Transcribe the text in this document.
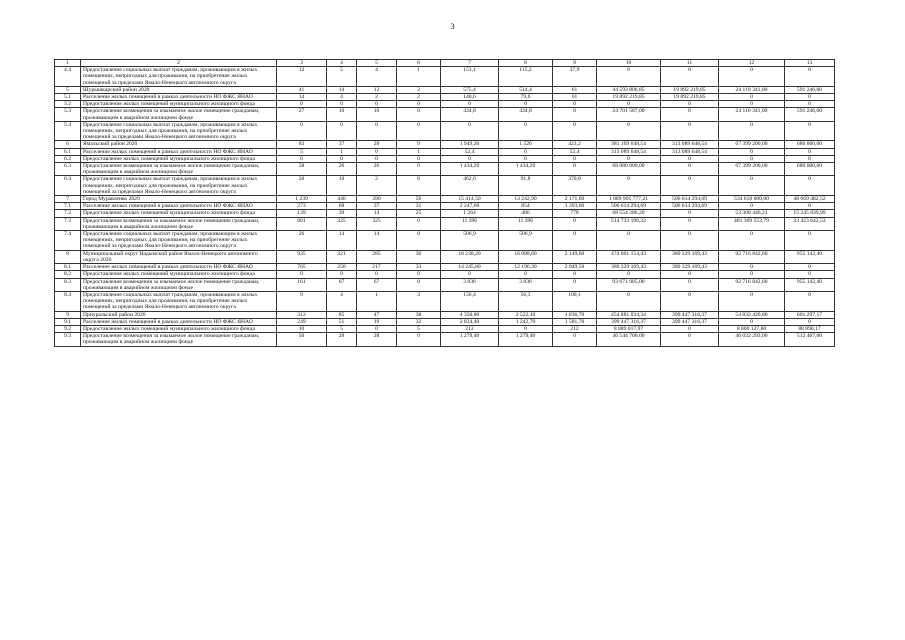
3
1	2	3	4	5	6	7	8	9	10	11	12	13
4.4	Предоставление социальных выплат гражданам, проживающим в жилых помещениях, непригодных для проживания, на приобретение жилых помещений за пределами Ямало-Ненецкого автономного округа	12	5	4	1	153,1	115,2	37,9	0	0	0	0
5	Шурышкарский район 2020	41	14	12	2	575,4	514,4	61	44 593 806,85	19 892 219,85	24 110 341,00	591 246,00
5.1	Расселение жилых помещений в рамках деятельности НО ФЖС ЯНАО	14	4	2	2	140,6	79,6	61	19 892 219,85	19 892 219,85	0	0
5.2	Предоставление жилых помещений муниципального жилищного фонда	0	0	0	0	0	0	0	0	0	0	0
5.3	Предоставление возмещения за изымаемое жилое помещение гражданам, проживающим в аварийном жилищном фонде	27	10	10	0	434,8	434,8	0	24 701 587,00	0	24 110 341,00	591 246,00
5.4	Предоставление социальных выплат гражданам, проживающим в жилых помещениях, непригодных для проживания, на приобретение жилых помещений за пределами Ямало-Ненецкого автономного округа	0	0	0	0	0	0	0	0	0	0	0
6	Ямальский район 2020	83	37	28	9	1 949,20	1 526	423,2	381 169 648,54	313 089 648,54	67 399 200,00	680 800,00
6.1	Расселение жилых помещений в рамках деятельности НО ФЖС ЯНАО	5	1	0	1	52,4	0	52,4	313 089 648,54	313 089 648,54	0	0
6.2	Предоставление жилых помещений муниципального жилищного фонда	0	0	0	0	0	0	0	0	0	0	0
6.3	Предоставление возмещения за изымаемое жилое помещение гражданам, проживающим в аварийном жилищном фонде	58	26	26	0	1 434,20	1 434,20	0	68 080 000,00	0	67 399 200,00	680 800,00
6.4	Предоставление социальных выплат гражданам, проживающим в жилых помещениях, непригодных для проживания, на приобретение жилых помещений за пределами Ямало-Ненецкого автономного округа	20	10	2	8	462,6	91,8	370,8	0	0	0	0
7	Город Муравленко 2020	1 239	446	390	56	15 414,50	13 242,90	2 171,60	1 089 901 777,21	506 614 294,69	534 618 000,00	48 669 482,52
7.1	Расселение жилых помещений в рамках деятельности НО ФЖС ЯНАО	273	68	37	31	2 247,60	854	1 393,60	506 614 294,69	506 614 294,69	0	0
7.2	Предоставление жилых помещений муниципального жилищного фонда	139	39	14	25	1 264	486	778	68 554 286,20	0	53 308 446,21	15 245 839,99
7.3	Предоставление возмещения за изымаемое жилое помещение гражданам, проживающим в аварийном жилищном фонде	801	325	325	0	11 396	11 396	0	514 733 196,32	0	481 309 553,79	33 423 642,53
7.4	Предоставление социальных выплат гражданам, проживающим в жилых помещениях, непригодных для проживания, на приобретение жилых помещений за пределами Ямало-Ненецкого автономного округа	26	14	14	0	506,9	506,9	0	0	0	0	0
8	Муниципальный округ Надымский район Ямало-Ненецкого автономного округа 2020	935	321	285	36	18 238,20	16 088,60	2 149,60	474 001 154,43	380 329 169,43	92 716 842,60	955 142,40
8.1	Расселение жилых помещений в рамках деятельности НО ФЖС ЯНАО	765	250	217	33	14 245,80	12 196,30	2 049,50	380 329 169,43	380 329 169,43	0	0
8.2	Предоставление жилых помещений муниципального жилищного фонда	0	0	0	0	0	0	0	0	0	0	0
8.3	Предоставление возмещения за изымаемое жилое помещение гражданам, проживающим в аварийном жилищном фонде	161	67	67	0	3 836	3 836	0	93 671 985,00	0	92 716 842,60	955 142,40
8.4	Предоставление социальных выплат гражданам, проживающим в жилых помещениях, непригодных для проживания, на приобретение жилых помещений за пределами Ямало-Ненецкого автономного округа	9	4	1	3	156,4	56,3	100,1	0	0	0	0
9	Приуральский район 2020	312	85	47	38	4 350,80	2 522,10	1 836,70	454 881 034,34	399 447 316,37	54 832 420,80	601 297,17
9.1	Расселение жилых помещений в рамках деятельности НО ФЖС ЯНАО	249	51	19	32	2 824,40	1 242,70	1 581,70	399 447 316,37	399 447 316,37	0	0
9.2	Предоставление жилых помещений муниципального жилищного фонда	10	5	0	5	212	0	212	8 889 017,97	0	8 800 127,80	88 890,17
9.3	Предоставление возмещения за изымаемое жилое помещение гражданам, проживающим в аварийном жилищном фонде	50	28	28	0	1 279,40	1 279,40	0	46 544 700,00	0	46 032 293,00	512 407,00
